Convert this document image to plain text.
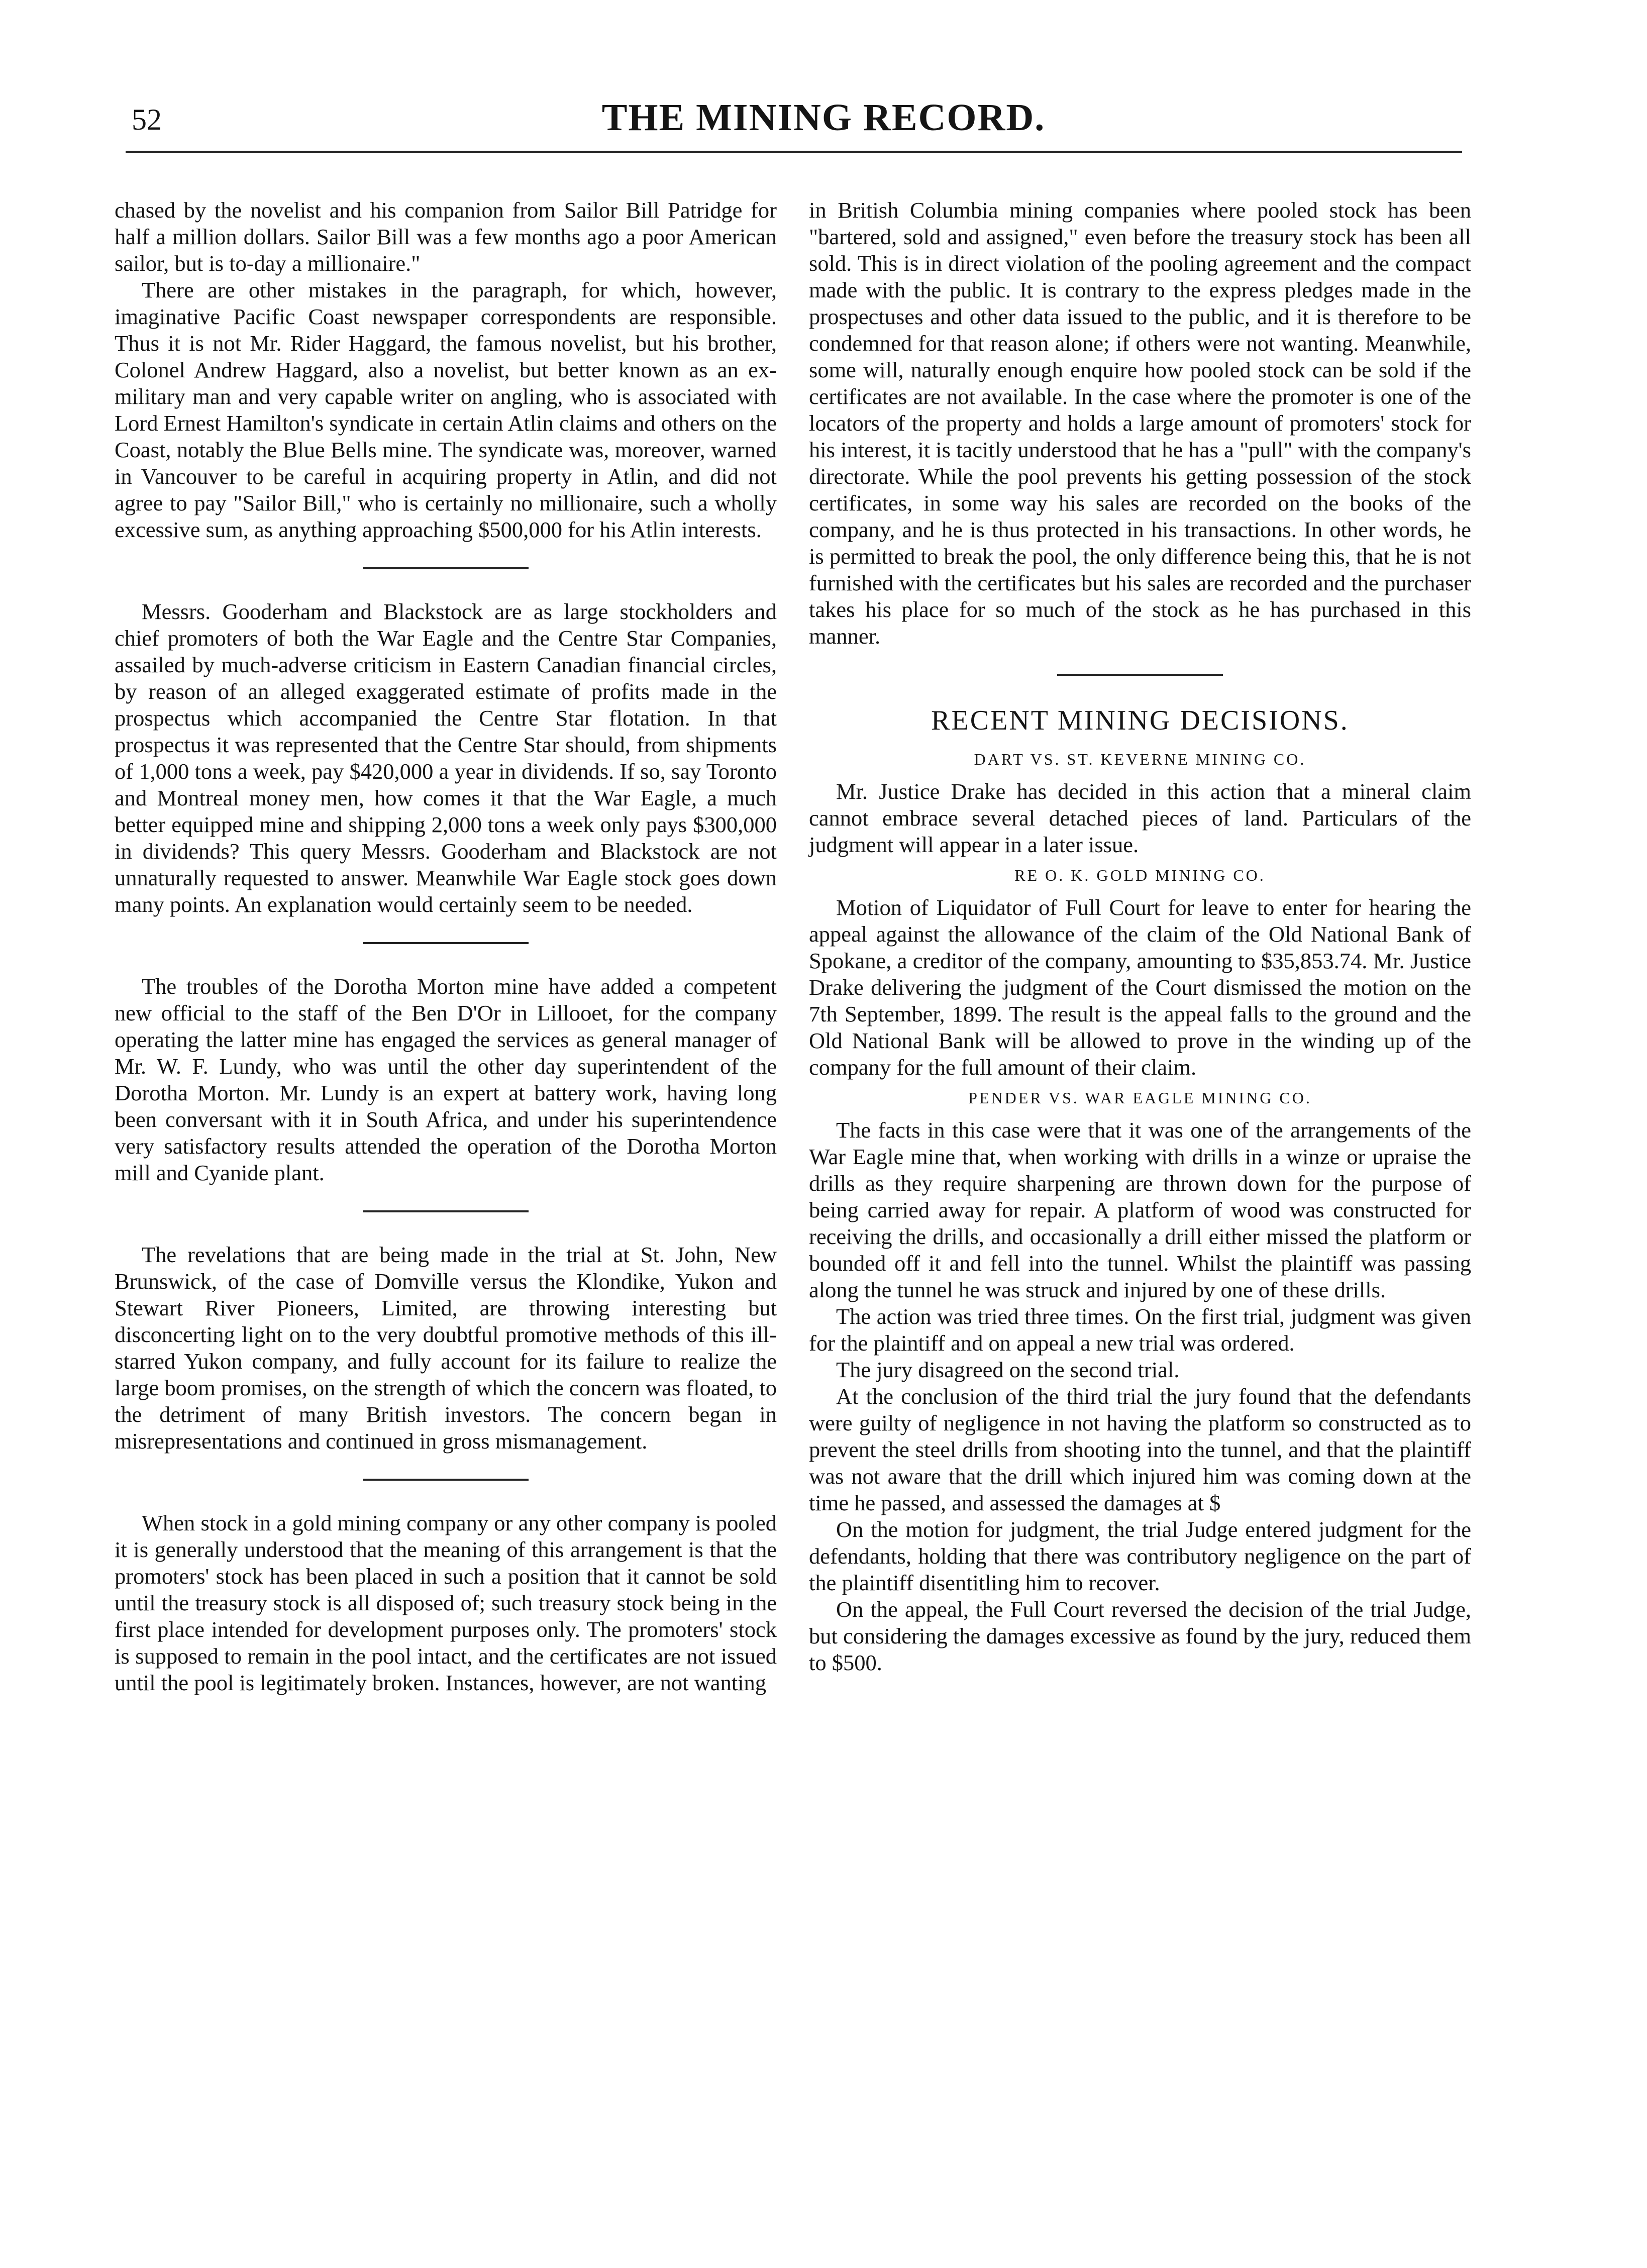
52	THE MINING RECORD.

chased by the novelist and his companion from Sailor Bill Patridge for half a million dollars. Sailor Bill was a few months ago a poor American sailor, but is to-day a millionaire."

There are other mistakes in the paragraph, for which, however, imaginative Pacific Coast newspaper correspondents are responsible. Thus it is not Mr. Rider Haggard, the famous novelist, but his brother, Colonel Andrew Haggard, also a novelist, but better known as an ex-military man and very capable writer on angling, who is associated with Lord Ernest Hamilton's syndicate in certain Atlin claims and others on the Coast, notably the Blue Bells mine. The syndicate was, moreover, warned in Vancouver to be careful in acquiring property in Atlin, and did not agree to pay "Sailor Bill," who is certainly no millionaire, such a wholly excessive sum, as anything approaching $500,000 for his Atlin interests.

Messrs. Gooderham and Blackstock are as large stockholders and chief promoters of both the War Eagle and the Centre Star Companies, assailed by much-adverse criticism in Eastern Canadian financial circles, by reason of an alleged exaggerated estimate of profits made in the prospectus which accompanied the Centre Star flotation. In that prospectus it was represented that the Centre Star should, from shipments of 1,000 tons a week, pay $420,000 a year in dividends. If so, say Toronto and Montreal money men, how comes it that the War Eagle, a much better equipped mine and shipping 2,000 tons a week only pays $300,000 in dividends? This query Messrs. Gooderham and Blackstock are not unnaturally requested to answer. Meanwhile War Eagle stock goes down many points. An explanation would certainly seem to be needed.

The troubles of the Dorotha Morton mine have added a competent new official to the staff of the Ben D'Or in Lillooet, for the company operating the latter mine has engaged the services as general manager of Mr. W. F. Lundy, who was until the other day superintendent of the Dorotha Morton. Mr. Lundy is an expert at battery work, having long been conversant with it in South Africa, and under his superintendence very satisfactory results attended the operation of the Dorotha Morton mill and Cyanide plant.

The revelations that are being made in the trial at St. John, New Brunswick, of the case of Domville versus the Klondike, Yukon and Stewart River Pioneers, Limited, are throwing interesting but disconcerting light on to the very doubtful promotive methods of this ill-starred Yukon company, and fully account for its failure to realize the large boom promises, on the strength of which the concern was floated, to the detriment of many British investors. The concern began in misrepresentations and continued in gross mismanagement.

When stock in a gold mining company or any other company is pooled it is generally understood that the meaning of this arrangement is that the promoters' stock has been placed in such a position that it cannot be sold until the treasury stock is all disposed of; such treasury stock being in the first place intended for development purposes only. The promoters' stock is supposed to remain in the pool intact, and the certificates are not issued until the pool is legitimately broken. Instances, however, are not wanting

in British Columbia mining companies where pooled stock has been "bartered, sold and assigned," even before the treasury stock has been all sold. This is in direct violation of the pooling agreement and the compact made with the public. It is contrary to the express pledges made in the prospectuses and other data issued to the public, and it is therefore to be condemned for that reason alone; if others were not wanting. Meanwhile, some will, naturally enough enquire how pooled stock can be sold if the certificates are not available. In the case where the promoter is one of the locators of the property and holds a large amount of promoters' stock for his interest, it is tacitly understood that he has a "pull" with the company's directorate. While the pool prevents his getting possession of the stock certificates, in some way his sales are recorded on the books of the company, and he is thus protected in his transactions. In other words, he is permitted to break the pool, the only difference being this, that he is not furnished with the certificates but his sales are recorded and the purchaser takes his place for so much of the stock as he has purchased in this manner.

RECENT MINING DECISIONS.
DART VS. ST. KEVERNE MINING CO.

Mr. Justice Drake has decided in this action that a mineral claim cannot embrace several detached pieces of land. Particulars of the judgment will appear in a later issue.

RE O. K. GOLD MINING CO.

Motion of Liquidator of Full Court for leave to enter for hearing the appeal against the allowance of the claim of the Old National Bank of Spokane, a creditor of the company, amounting to $35,853.74. Mr. Justice Drake delivering the judgment of the Court dismissed the motion on the 7th September, 1899. The result is the appeal falls to the ground and the Old National Bank will be allowed to prove in the winding up of the company for the full amount of their claim.

PENDER VS. WAR EAGLE MINING CO.

The facts in this case were that it was one of the arrangements of the War Eagle mine that, when working with drills in a winze or upraise the drills as they require sharpening are thrown down for the purpose of being carried away for repair. A platform of wood was constructed for receiving the drills, and occasionally a drill either missed the platform or bounded off it and fell into the tunnel. Whilst the plaintiff was passing along the tunnel he was struck and injured by one of these drills.

The action was tried three times. On the first trial, judgment was given for the plaintiff and on appeal a new trial was ordered.

The jury disagreed on the second trial.

At the conclusion of the third trial the jury found that the defendants were guilty of negligence in not having the platform so constructed as to prevent the steel drills from shooting into the tunnel, and that the plaintiff was not aware that the drill which injured him was coming down at the time he passed, and assessed the damages at $

On the motion for judgment, the trial Judge entered judgment for the defendants, holding that there was contributory negligence on the part of the plaintiff disentitling him to recover.

On the appeal, the Full Court reversed the decision of the trial Judge, but considering the damages excessive as found by the jury, reduced them to $500.
